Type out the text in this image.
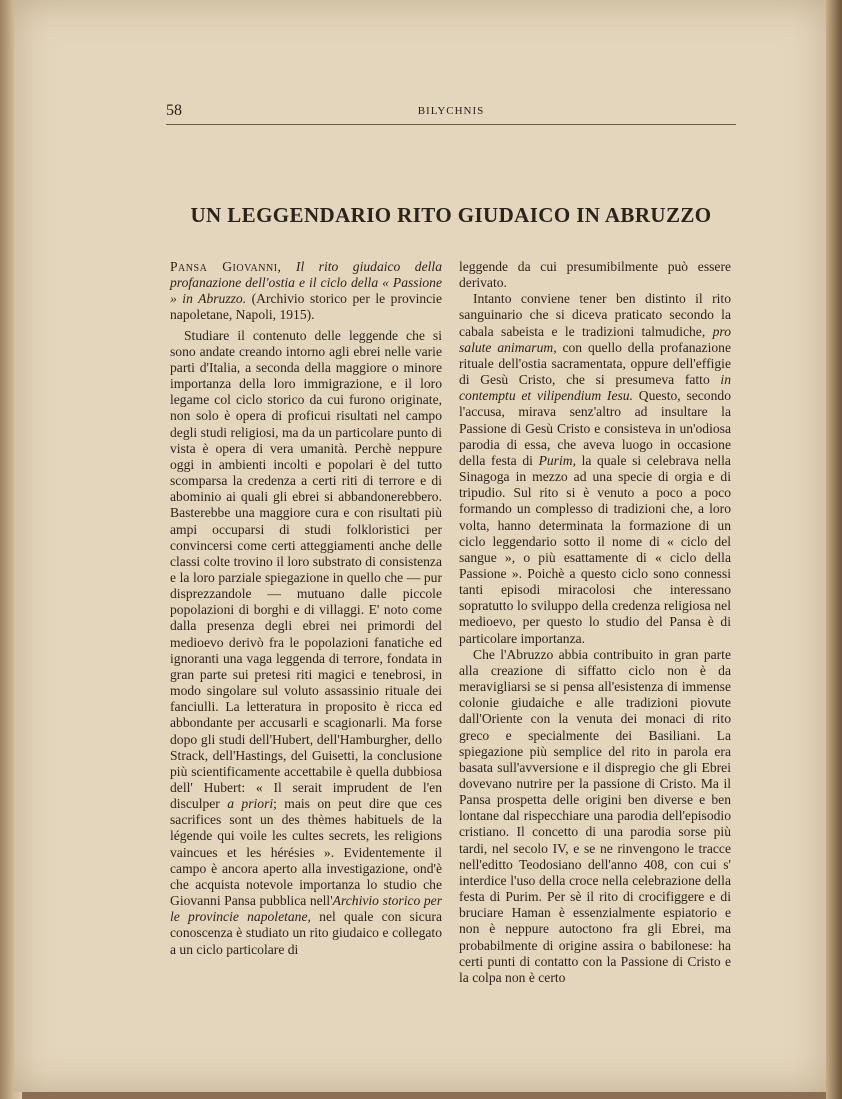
58	BILYCHNIS
UN LEGGENDARIO RITO GIUDAICO IN ABRUZZO

Pansa Giovanni, Il rito giudaico della profanazione dell'ostia e il ciclo della « Passione » in Abruzzo. (Archivio storico per le provincie napoletane, Napoli, 1915).

Studiare il contenuto delle leggende che si sono andate creando intorno agli ebrei nelle varie parti d'Italia, a seconda della maggiore o minore importanza della loro immigrazione, e il loro legame col ciclo storico da cui furono originate, non solo è opera di proficui risultati nel campo degli studi religiosi, ma da un particolare punto di vista è opera di vera umanità. Perchè neppure oggi in ambienti incolti e popolari è del tutto scomparsa la credenza a certi riti di terrore e di abominio ai quali gli ebrei si abbandonerebbero. Basterebbe una maggiore cura e con risultati più ampi occuparsi di studi folkloristici per convincersi come certi atteggiamenti anche delle classi colte trovino il loro substrato di consistenza e la loro parziale spiegazione in quello che — pur disprezzandole — mutuano dalle piccole popolazioni di borghi e di villaggi. E' noto come dalla presenza degli ebrei nei primordi del medioevo derivò fra le popolazioni fanatiche ed ignoranti una vaga leggenda di terrore, fondata in gran parte sui pretesi riti magici e tenebrosi, in modo singolare sul voluto assassinio rituale dei fanciulli. La letteratura in proposito è ricca ed abbondante per accusarli e scagionarli. Ma forse dopo gli studi dell'Hubert, dell'Hamburgher, dello Strack, dell'Hastings, del Guisetti, la conclusione più scientificamente accettabile è quella dubbiosa dell' Hubert: « Il serait imprudent de l'en disculper a priori; mais on peut dire que ces sacrifices sont un des thèmes habituels de la légende qui voile les cultes secrets, les religions vaincues et les hérésies ». Evidentemente il campo è ancora aperto alla investigazione, ond'è che acquista notevole importanza lo studio che Giovanni Pansa pubblica nell'Archivio storico per le provincie napoletane, nel quale con sicura conoscenza è studiato un rito giudaico e collegato a un ciclo particolare di

leggende da cui presumibilmente può essere derivato.

Intanto conviene tener ben distinto il rito sanguinario che si diceva praticato secondo la cabala sabeista e le tradizioni talmudiche, pro salute animarum, con quello della profanazione rituale dell'ostia sacramentata, oppure dell'effigie di Gesù Cristo, che si presumeva fatto in contemptu et vilipendium Iesu. Questo, secondo l'accusa, mirava senz'altro ad insultare la Passione di Gesù Cristo e consisteva in un'odiosa parodia di essa, che aveva luogo in occasione della festa di Purim, la quale si celebrava nella Sinagoga in mezzo ad una specie di orgia e di tripudio. Sul rito si è venuto a poco a poco formando un complesso di tradizioni che, a loro volta, hanno determinata la formazione di un ciclo leggendario sotto il nome di « ciclo del sangue », o più esattamente di « ciclo della Passione ». Poichè a questo ciclo sono connessi tanti episodi miracolosi che interessano sopratutto lo sviluppo della credenza religiosa nel medioevo, per questo lo studio del Pansa è di particolare importanza.

Che l'Abruzzo abbia contribuito in gran parte alla creazione di siffatto ciclo non è da meravigliarsi se si pensa all'esistenza di immense colonie giudaiche e alle tradizioni piovute dall'Oriente con la venuta dei monaci di rito greco e specialmente dei Basiliani. La spiegazione più semplice del rito in parola era basata sull'avversione e il dispregio che gli Ebrei dovevano nutrire per la passione di Cristo. Ma il Pansa prospetta delle origini ben diverse e ben lontane dal rispecchiare una parodia dell'episodio cristiano. Il concetto di una parodia sorse più tardi, nel secolo IV, e se ne rinvengono le tracce nell'editto Teodosiano dell'anno 408, con cui s' interdice l'uso della croce nella celebrazione della festa di Purim. Per sè il rito di crocifiggere e di bruciare Haman è essenzialmente espiatorio e non è neppure autoctono fra gli Ebrei, ma probabilmente di origine assira o babilonese: ha certi punti di contatto con la Passione di Cristo e la colpa non è certo
